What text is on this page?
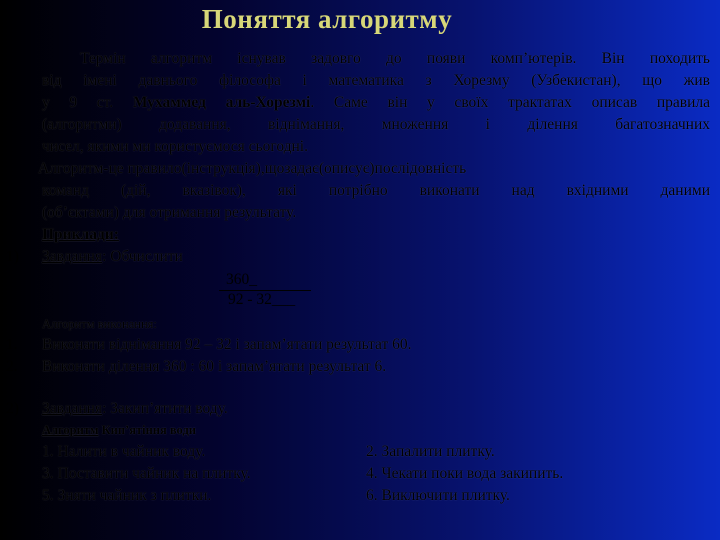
Поняття алгоритму
Термін алгоритм існував задовго до появи комп’ютерів. Він походить
від імені давнього філософа і математика з Хорезму (Узбекистан), що жив
у 9 ст. Мухаммед аль-Хорезмі. Саме він у своїх трактатах описав правила
(алгоритми) додавання, віднімання, множення і ділення багатозначних
чисел, якими ми користуємося сьогодні.
Алгоритм-це правило(інструкція),щозадає(описує)послідовність
команд (дій, вказівок), які потрібно виконати над вхідними даними
(об’єктами) для отримання результату.
Приклади:
1) Завдання: Обчислити
360_
92 - 32___
Алгоритм виконання:
1. Виконати віднімання 92 – 32 і запам’ятати результат 60.
2. Виконати ділення 360 : 60 і запам’ятати результат 6.
2) Завдання: Закип’ятити воду.
Алгоритм Кип’ятіння води
1. Налити в чайник воду.
3. Поставити чайник на плитку.
5. Зняти чайник з плитки.
2. Запалити плитку.
4. Чекати поки вода закипить.
6. Виключити плитку.
